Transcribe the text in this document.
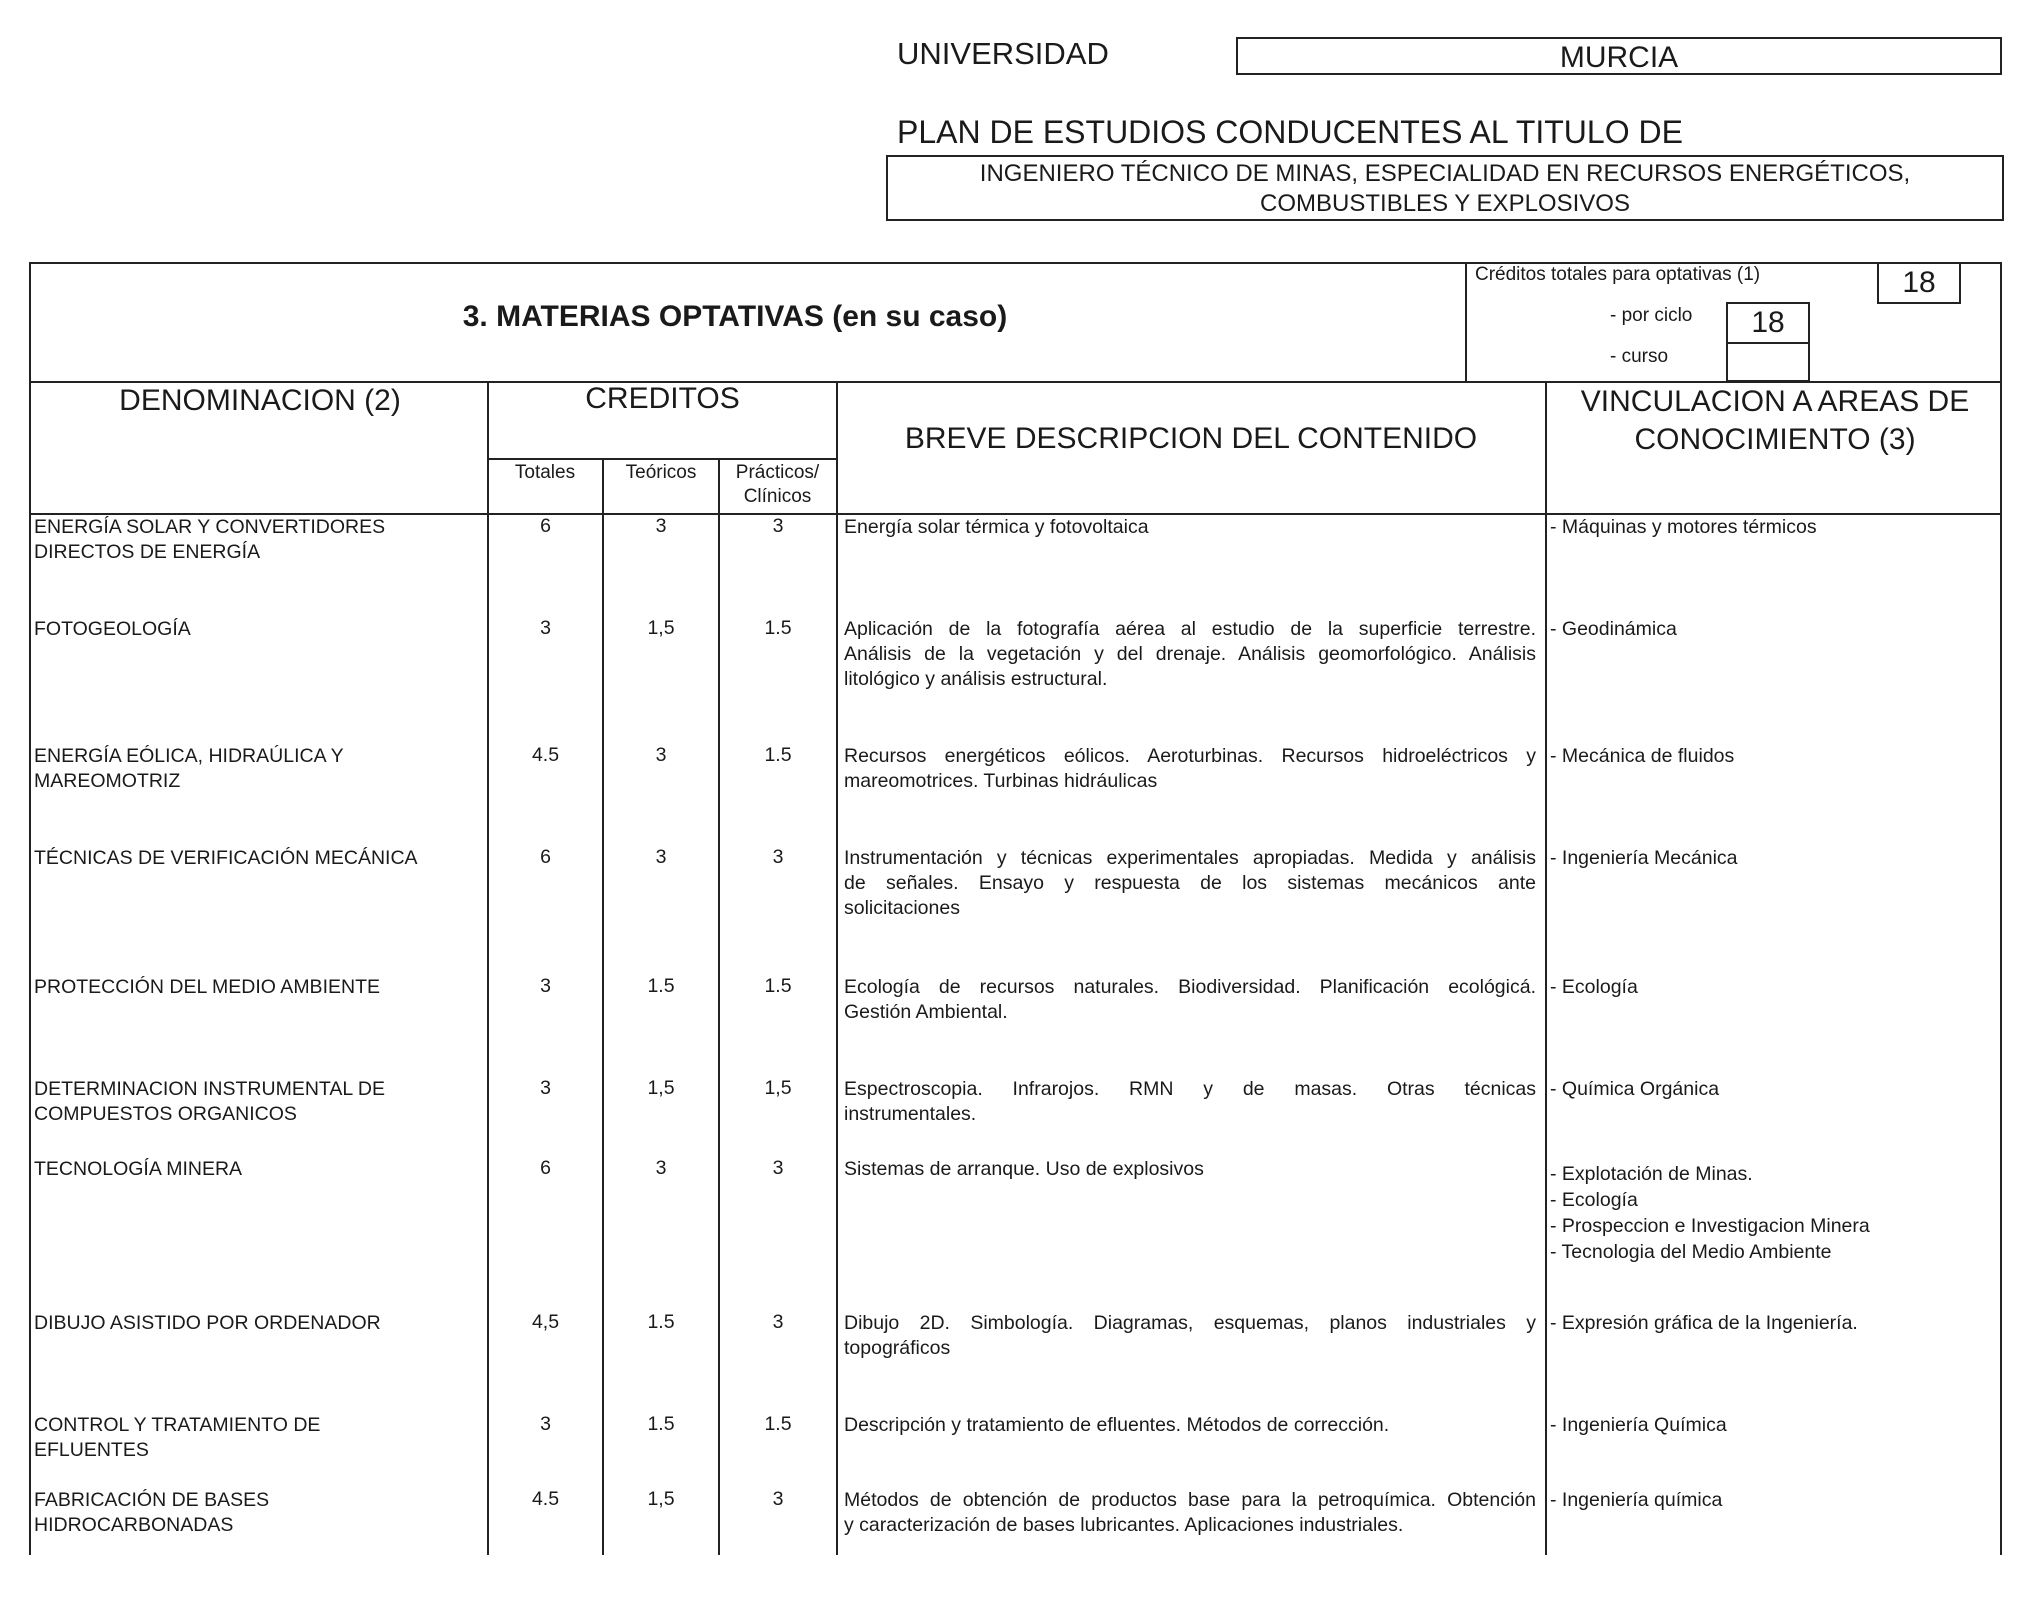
UNIVERSIDAD	MURCIA
PLAN DE ESTUDIOS CONDUCENTES AL TITULO DE
INGENIERO TÉCNICO DE MINAS, ESPECIALIDAD EN RECURSOS ENERGÉTICOS,
COMBUSTIBLES Y EXPLOSIVOS
3. MATERIAS OPTATIVAS (en su caso)
Créditos totales para optativas (1)	18
- por ciclo	18
- curso
DENOMINACION (2)	CREDITOS
Totales	Teóricos	Prácticos/
Clínicos
BREVE DESCRIPCION DEL CONTENIDO
VINCULACION A AREAS DE
CONOCIMIENTO (3)
ENERGÍA SOLAR Y CONVERTIDORES
DIRECTOS DE ENERGÍA
6	3	3	Energía solar térmica y fotovoltaica	- Máquinas y motores térmicos
FOTOGEOLOGÍA	3	1,5	1.5	Aplicación de la fotografía aérea al estudio de la superficie terrestre.
Análisis de la vegetación y del drenaje. Análisis geomorfológico. Análisis
litológico y análisis estructural.
- Geodinámica
ENERGÍA EÓLICA, HIDRAÚLICA Y
MAREOMOTRIZ
4.5	3	1.5	Recursos energéticos eólicos. Aeroturbinas. Recursos hidroeléctricos y
mareomotrices. Turbinas hidráulicas
- Mecánica de fluidos
TÉCNICAS DE VERIFICACIÓN MECÁNICA	6	3	3	Instrumentación y técnicas experimentales apropiadas. Medida y análisis
de señales. Ensayo y respuesta de los sistemas mecánicos ante
solicitaciones
- Ingeniería Mecánica
PROTECCIÓN DEL MEDIO AMBIENTE	3	1.5	1.5	Ecología de recursos naturales. Biodiversidad. Planificación ecológicá.
Gestión Ambiental.
- Ecología
DETERMINACION INSTRUMENTAL DE
COMPUESTOS ORGANICOS
3	1,5	1,5	Espectroscopia. Infrarojos. RMN y de masas. Otras técnicas
instrumentales.
- Química Orgánica
TECNOLOGÍA MINERA	6	3	3	Sistemas de arranque. Uso de explosivos	- Explotación de Minas.
- Ecología
- Prospeccion e Investigacion Minera
- Tecnologia del Medio Ambiente
DIBUJO ASISTIDO POR ORDENADOR	4,5	1.5	3	Dibujo 2D. Simbología. Diagramas, esquemas, planos industriales y
topográficos
- Expresión gráfica de la Ingeniería.
CONTROL Y TRATAMIENTO DE
EFLUENTES
3	1.5	1.5	Descripción y tratamiento de efluentes. Métodos de corrección.	- Ingeniería Química
FABRICACIÓN DE BASES
HIDROCARBONADAS
4.5	1,5	3	Métodos de obtención de productos base para la petroquímica. Obtención
y caracterización de bases lubricantes. Aplicaciones industriales.
- Ingeniería química
